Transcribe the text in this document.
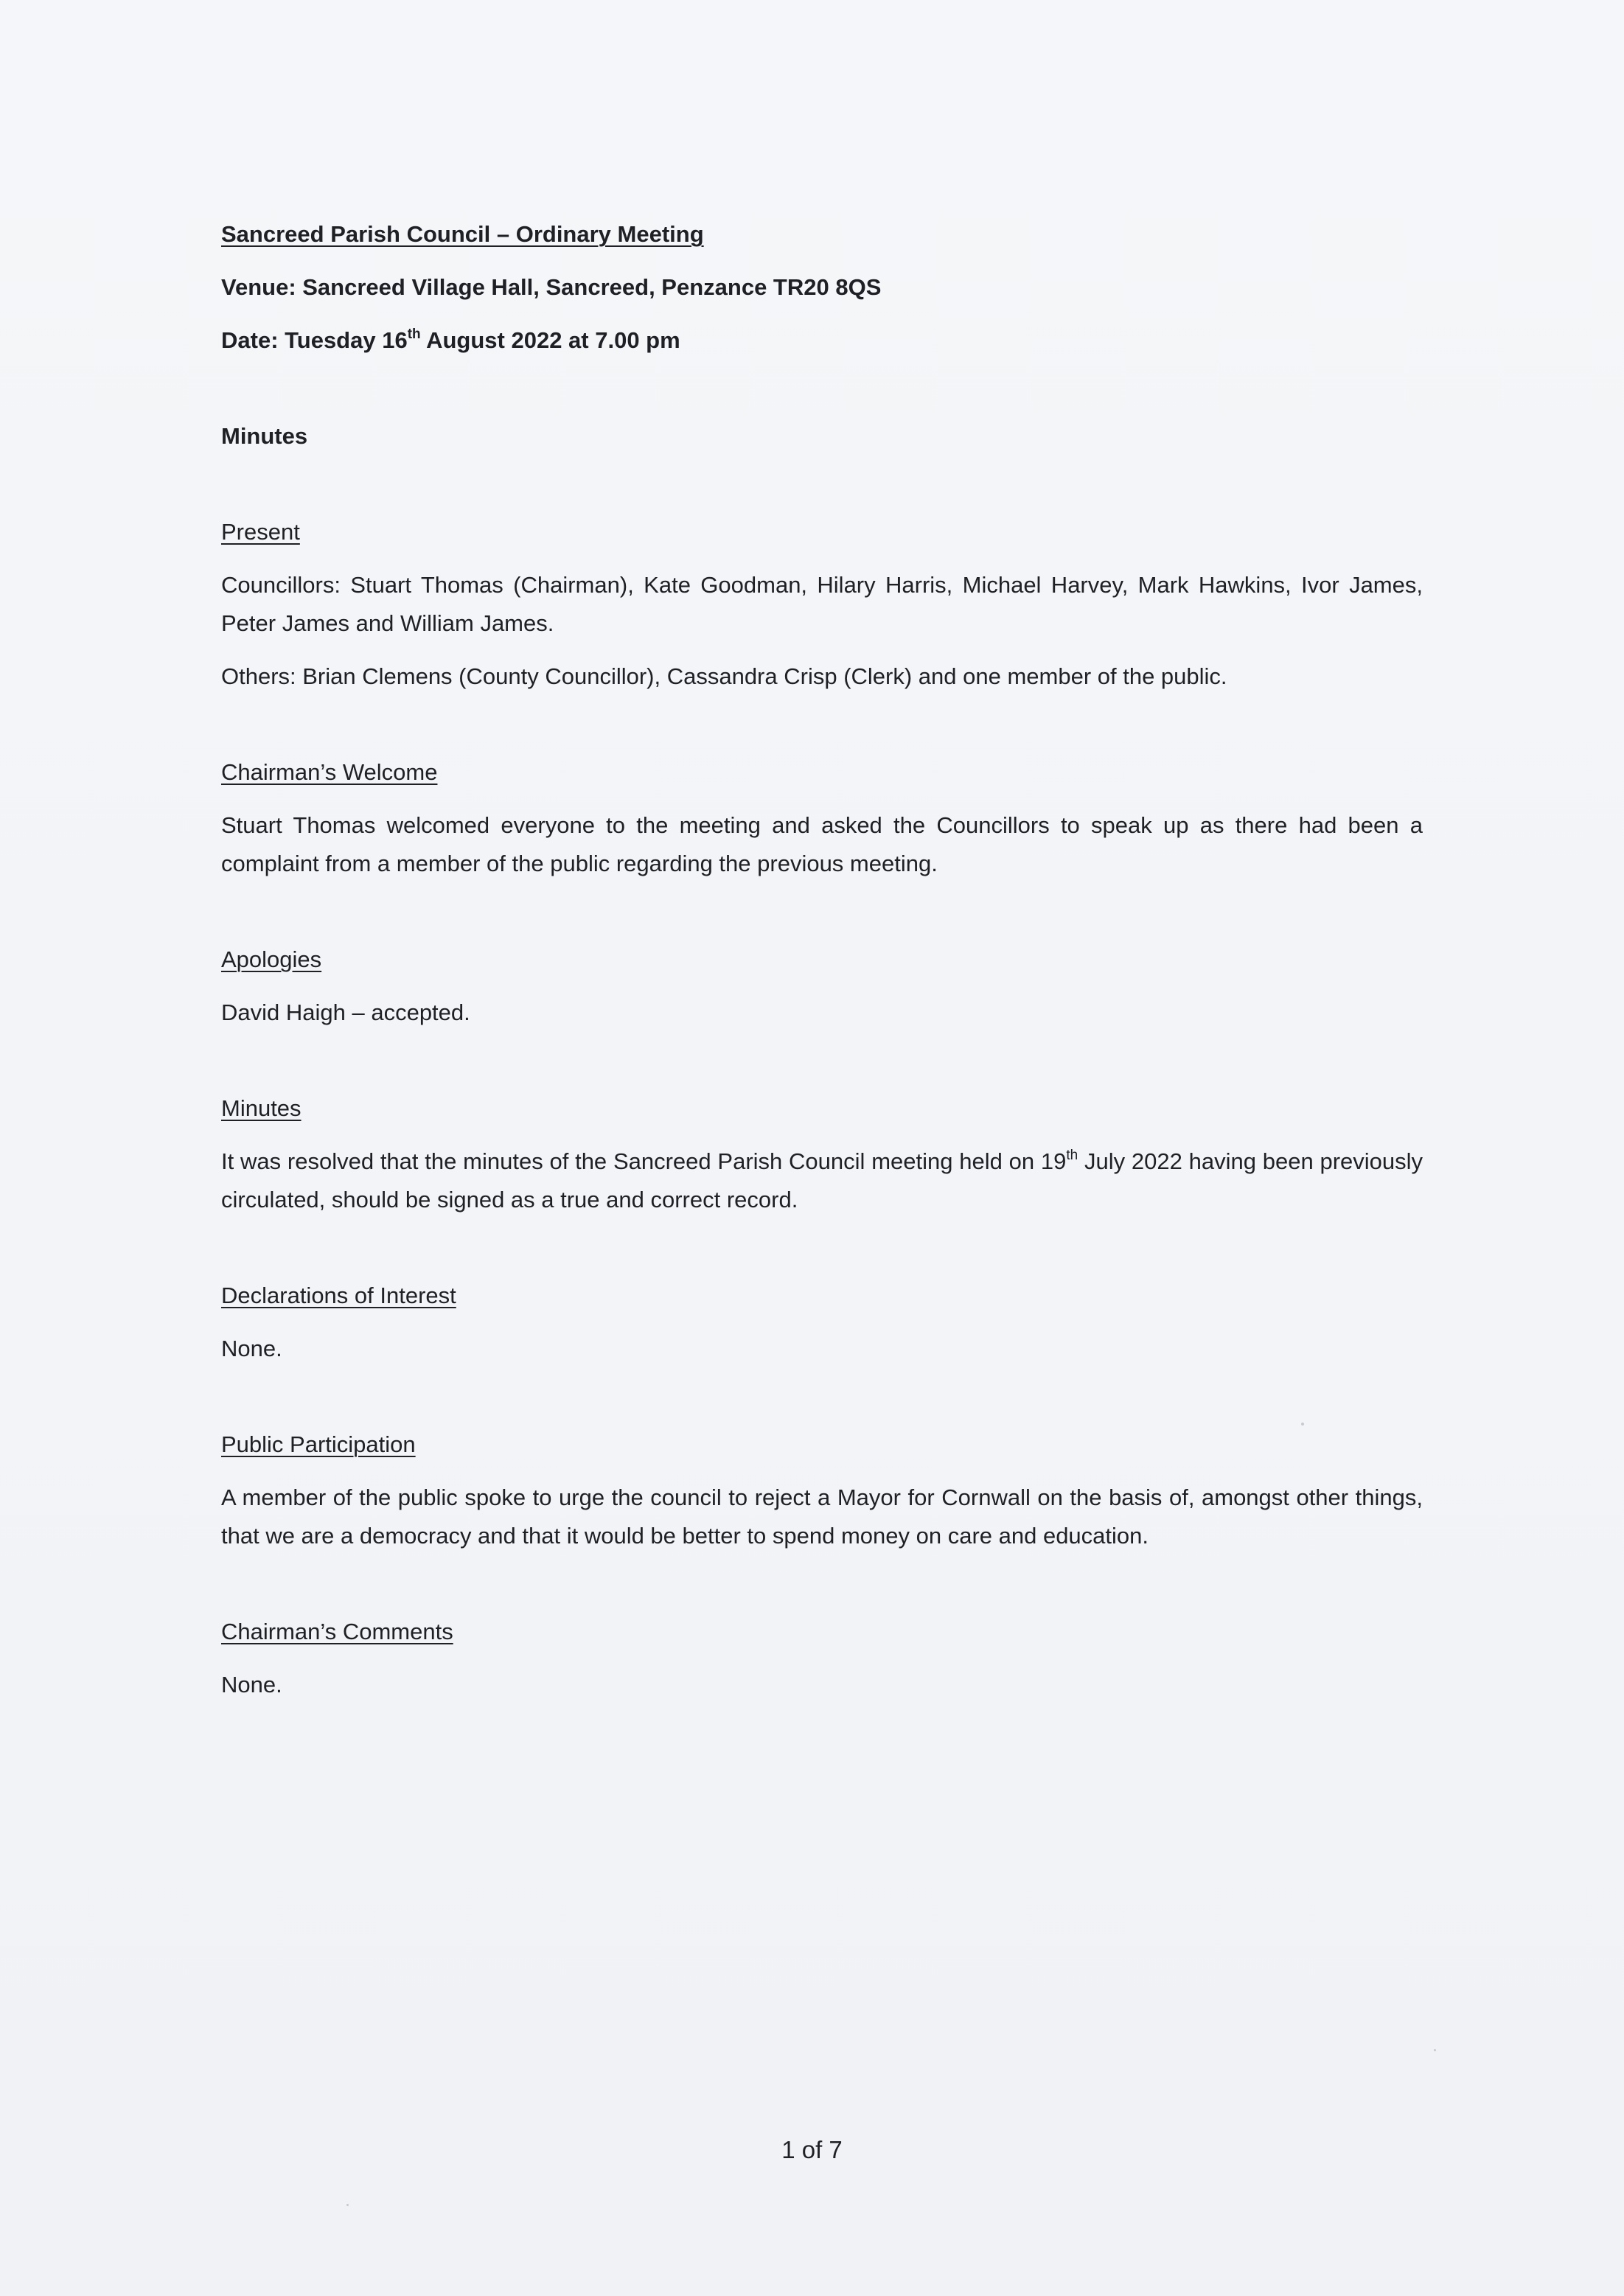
Sancreed Parish Council – Ordinary Meeting

Venue: Sancreed Village Hall, Sancreed, Penzance TR20 8QS

Date: Tuesday 16th August 2022 at 7.00 pm

Minutes

Present

Councillors: Stuart Thomas (Chairman), Kate Goodman, Hilary Harris, Michael Harvey, Mark Hawkins, Ivor James, Peter James and William James.

Others: Brian Clemens (County Councillor), Cassandra Crisp (Clerk) and one member of the public.

Chairman’s Welcome

Stuart Thomas welcomed everyone to the meeting and asked the Councillors to speak up as there had been a complaint from a member of the public regarding the previous meeting.

Apologies

David Haigh – accepted.

Minutes

It was resolved that the minutes of the Sancreed Parish Council meeting held on 19th July 2022 having been previously circulated, should be signed as a true and correct record.

Declarations of Interest

None.

Public Participation

A member of the public spoke to urge the council to reject a Mayor for Cornwall on the basis of, amongst other things, that we are a democracy and that it would be better to spend money on care and education.

Chairman’s Comments

None.

1 of 7
